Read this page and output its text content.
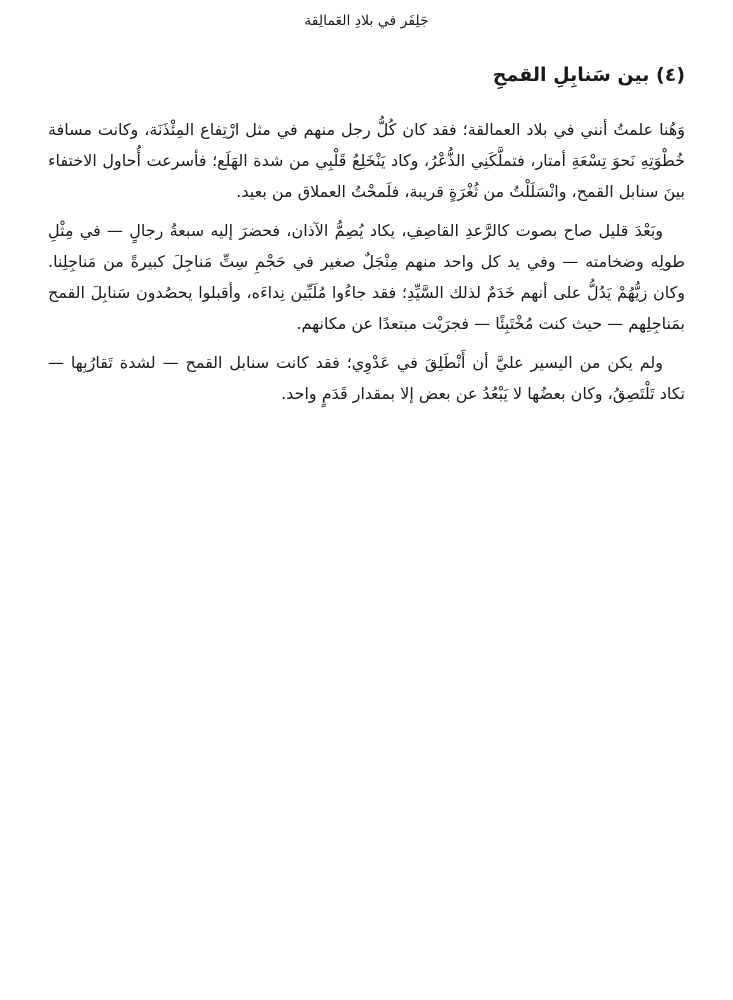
جَلِفَر في بلادِ العَمالِقة
(٤) بين سَنابِلِ القمحِ

وَهُنا علمتُ أنني في بلاد العمالقة؛ فقد كان كُلُّ رجل منهم في مثل ارْتِفاع المِئْذَنَة، وكانت مسافة خُطْوَتِهِ نَحوَ تِسْعَةِ أمتار، فتملَّكَنِي الذُّعْرُ، وكاد يَنْخَلِعُ قَلْبِي من شدة الهَلَع؛ فأسرعت أُحاول الاختفاء بينَ سنابل القمح، وانْسَلَلْتُ من ثُغْرَةٍ قريبة، فلَمحْتُ العملاق من بعيد.

وبَعْدَ قليل صاح بصوت كالرَّعدِ القاصِفِ، يكاد يُصِمُّ الآذان، فحضرَ إليه سبعةُ رجالٍ — في مِثْلِ طولِه وضخامته — وفي يد كل واحد منهم مِنْجَلٌ صغير في حَجْمِ سِتِّ مَناجِلَ كبيرةً من مَناجِلِنا. وكان زيُّهُمْ يَدُلُّ على أنهم خَدَمٌ لذلك السَّيِّدِ؛ فقد جاءُوا مُلَبِّين نِداءَه، وأقبلوا يحصُدون سَنابِلَ القمح بمَناجِلِهم — حيث كنت مُخْتَبِئًا — فجرَيْت مبتعدًا عن مكانهم.

ولم يكن من اليسير عليَّ أن أَنْطَلِقَ في عَدْوِي؛ فقد كانت سنابل القمح — لشدة تَقارُبِها — تكاد تَلْتَصِقُ، وكان بعضُها لا يَبْعُدُ عن بعض إلا بمقدار قَدَمٍ واحد.
